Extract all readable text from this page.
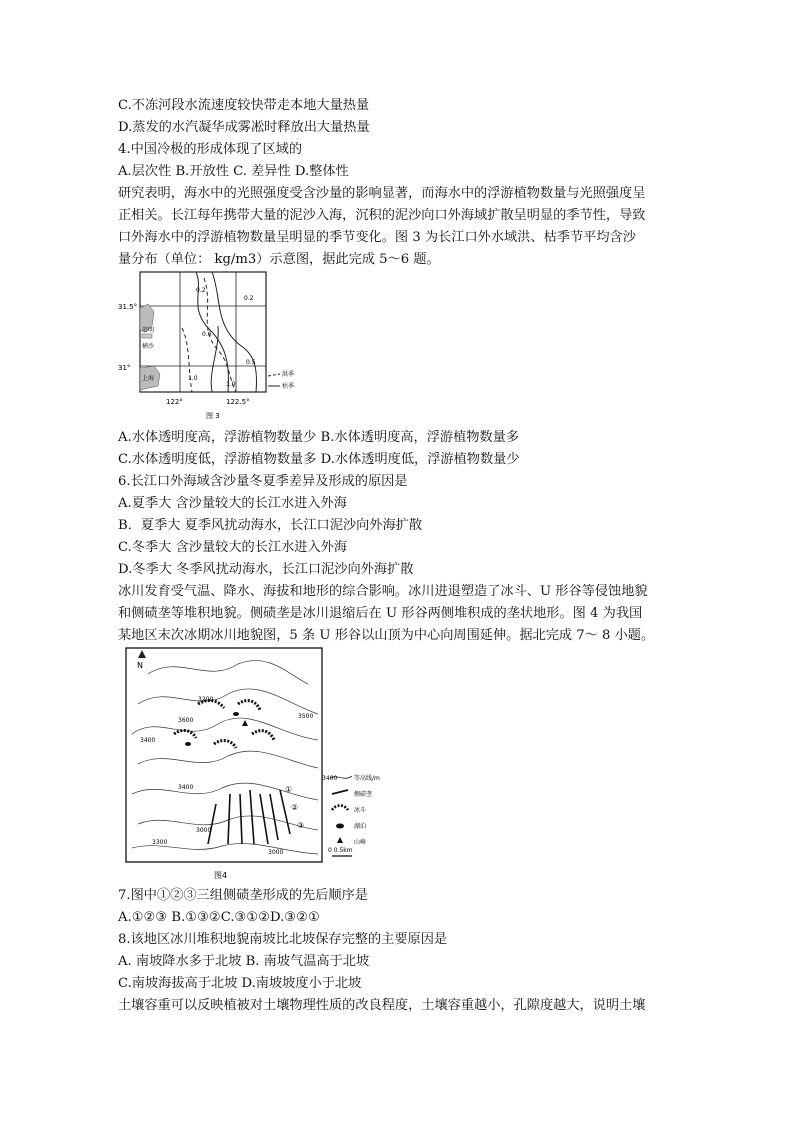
C.不冻河段水流速度较快带走本地大量热量
D.蒸发的水汽凝华成雾凇时释放出大量热量
4.中国冷极的形成体现了区域的
A.层次性 B.开放性 C. 差异性 D.整体性
研究表明，海水中的光照强度受含沙量的影响显著，而海水中的浮游植物数量与光照强度呈
正相关。长江每年携带大量的泥沙入海，沉积的泥沙向口外海域扩散呈明显的季节性，导致
口外海水中的浮游植物数量呈明显的季节变化。图 3 为长江口外水域洪、枯季节平均含沙
量分布（单位： kg/m3）示意图，据此完成 5～6 题。
31.5°
31°
122°	122.5°
崇明
横沙
上海
0.2
0.2
0.6
0.5
1.0
1.0
洪季
枯季
图 3
A.水体透明度高，浮游植物数量少 B.水体透明度高，浮游植物数量多
C.水体透明度低，浮游植物数量多 D.水体透明度低，浮游植物数量少
6.长江口外海域含沙量冬夏季差异及形成的原因是
A.夏季大 含沙量较大的长江水进入外海
B．夏季大 夏季风扰动海水，长江口泥沙向外海扩散
C.冬季大 含沙量较大的长江水进入外海
D.冬季大 冬季风扰动海水，长江口泥沙向外海扩散
冰川发育受气温、降水、海拔和地形的综合影响。冰川进退塑造了冰斗、U 形谷等侵蚀地貌
和侧碛垄等堆积地貌。侧碛垄是冰川退缩后在 U 形谷两侧堆积成的垄状地形。图 4 为我国
某地区末次冰期冰川地貌图，5 条 U 形谷以山顶为中心向周围延伸。据北完成 7～ 8 小题。
N
①
②
③
3200
3600
3400
3400
3000
3300
3000
3500
3400	等高线/m
侧碛垄
冰斗
湖泊
山峰
0 0.5km
图4
7.图中①②③三组侧碛垄形成的先后顺序是
A.①②③ B.①③②C.③①②D.③②①
8.该地区冰川堆积地貌南坡比北坡保存完整的主要原因是
A. 南坡降水多于北坡 B. 南坡气温高于北坡
C.南坡海拔高于北坡 D.南坡坡度小于北坡
土壤容重可以反映植被对土壤物理性质的改良程度，土壤容重越小，孔隙度越大，说明土壤
